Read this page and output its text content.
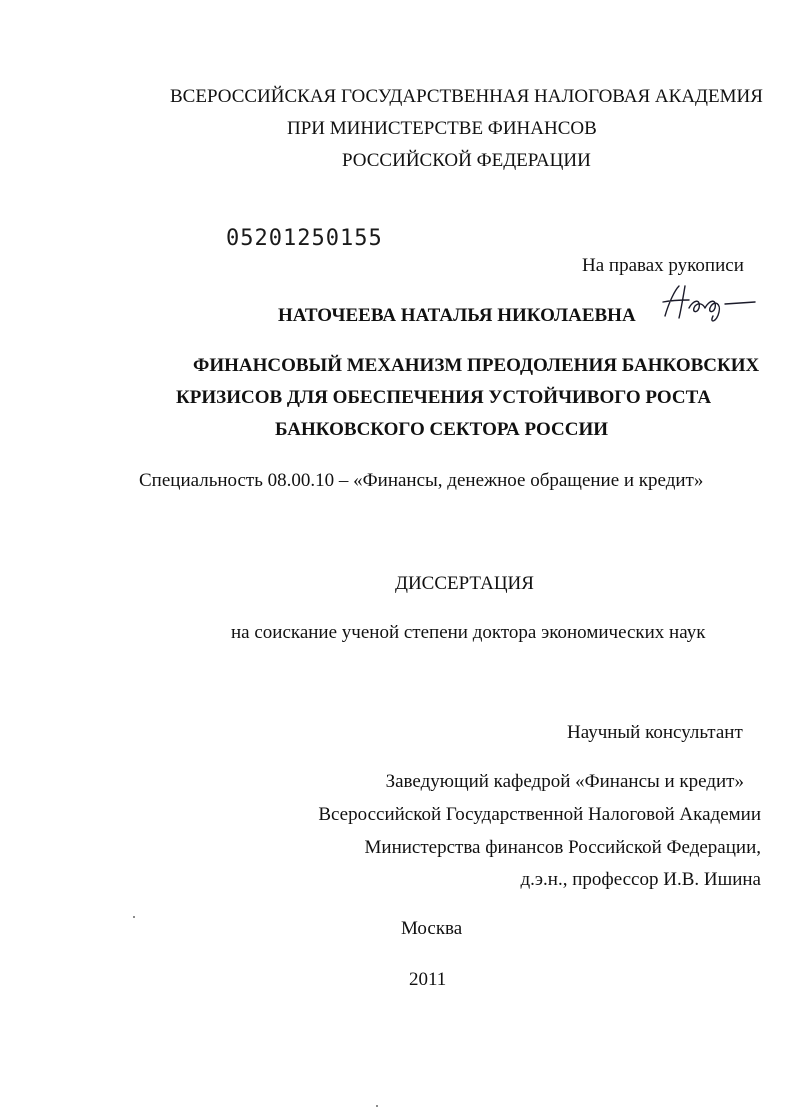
ВСЕРОССИЙСКАЯ ГОСУДАРСТВЕННАЯ НАЛОГОВАЯ АКАДЕМИЯ
ПРИ МИНИСТЕРСТВЕ ФИНАНСОВ
РОССИЙСКОЙ ФЕДЕРАЦИИ
05201250155
На правах рукописи
НАТОЧЕЕВА НАТАЛЬЯ НИКОЛАЕВНА
ФИНАНСОВЫЙ МЕХАНИЗМ ПРЕОДОЛЕНИЯ БАНКОВСКИХ
КРИЗИСОВ ДЛЯ ОБЕСПЕЧЕНИЯ УСТОЙЧИВОГО РОСТА
БАНКОВСКОГО СЕКТОРА РОССИИ
Специальность 08.00.10 – «Финансы, денежное обращение и кредит»
ДИССЕРТАЦИЯ
на соискание ученой степени доктора экономических наук
Научный консультант
Заведующий кафедрой «Финансы и кредит»
Всероссийской Государственной Налоговой Академии
Министерства финансов Российской Федерации,
д.э.н., профессор И.В. Ишина
Москва
2011
